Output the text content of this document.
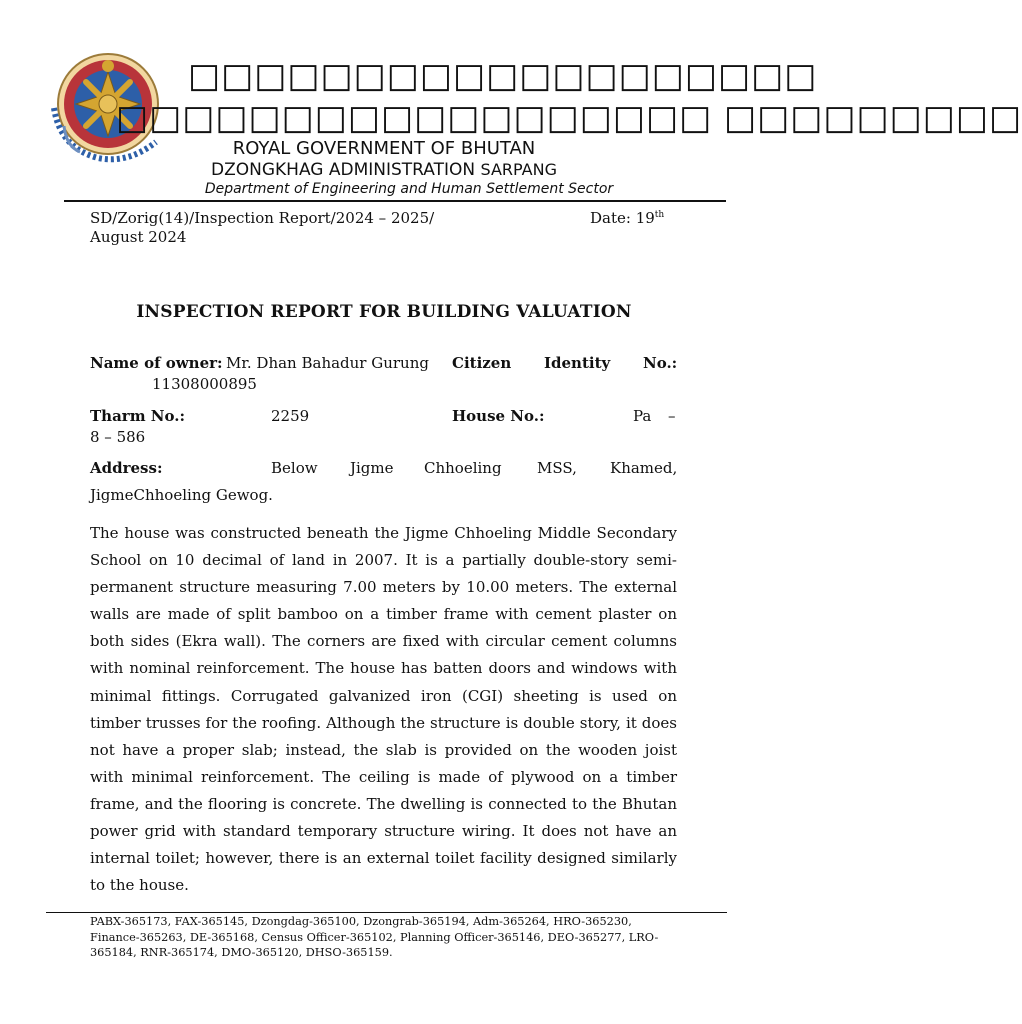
□□□□□□□□□□□□□□□□□□□
□□□□□□□□□□□□□□□□□□ □□□□□□□□□
ROYAL GOVERNMENT OF BHUTAN
DZONGKHAG ADMINISTRATION SARPANG
Department of Engineering and Human Settlement Sector
SD/Zorig(14)/Inspection Report/2024 – 2025/	Date: 19th
August 2024
INSPECTION REPORT FOR BUILDING VALUATION
Name of owner: Mr. Dhan Bahadur Gurung Citizen Identity No.:
11308000895
Tharm No.:	2259	House No.:	Pa –
8 – 586
Address:	Below Jigme Chhoeling MSS, Khamed,
JigmeChhoeling Gewog.
The house was constructed beneath the Jigme Chhoeling Middle Secondary School on 10 decimal of land in 2007. It is a partially double-story semi-permanent structure measuring 7.00 meters by 10.00 meters. The external walls are made of split bamboo on a timber frame with cement plaster on both sides (Ekra wall). The corners are fixed with circular cement columns with nominal reinforcement. The house has batten doors and windows with minimal fittings. Corrugated galvanized iron (CGI) sheeting is used on timber trusses for the roofing. Although the structure is double story, it does not have a proper slab; instead, the slab is provided on the wooden joist with minimal reinforcement. The ceiling is made of plywood on a timber frame, and the flooring is concrete. The dwelling is connected to the Bhutan power grid with standard temporary structure wiring. It does not have an internal toilet; however, there is an external toilet facility designed similarly to the house.
PABX-365173, FAX-365145, Dzongdag-365100, Dzongrab-365194, Adm-365264, HRO-365230, Finance-365263, DE-365168, Census Officer-365102, Planning Officer-365146, DEO-365277, LRO-365184, RNR-365174, DMO-365120, DHSO-365159.
